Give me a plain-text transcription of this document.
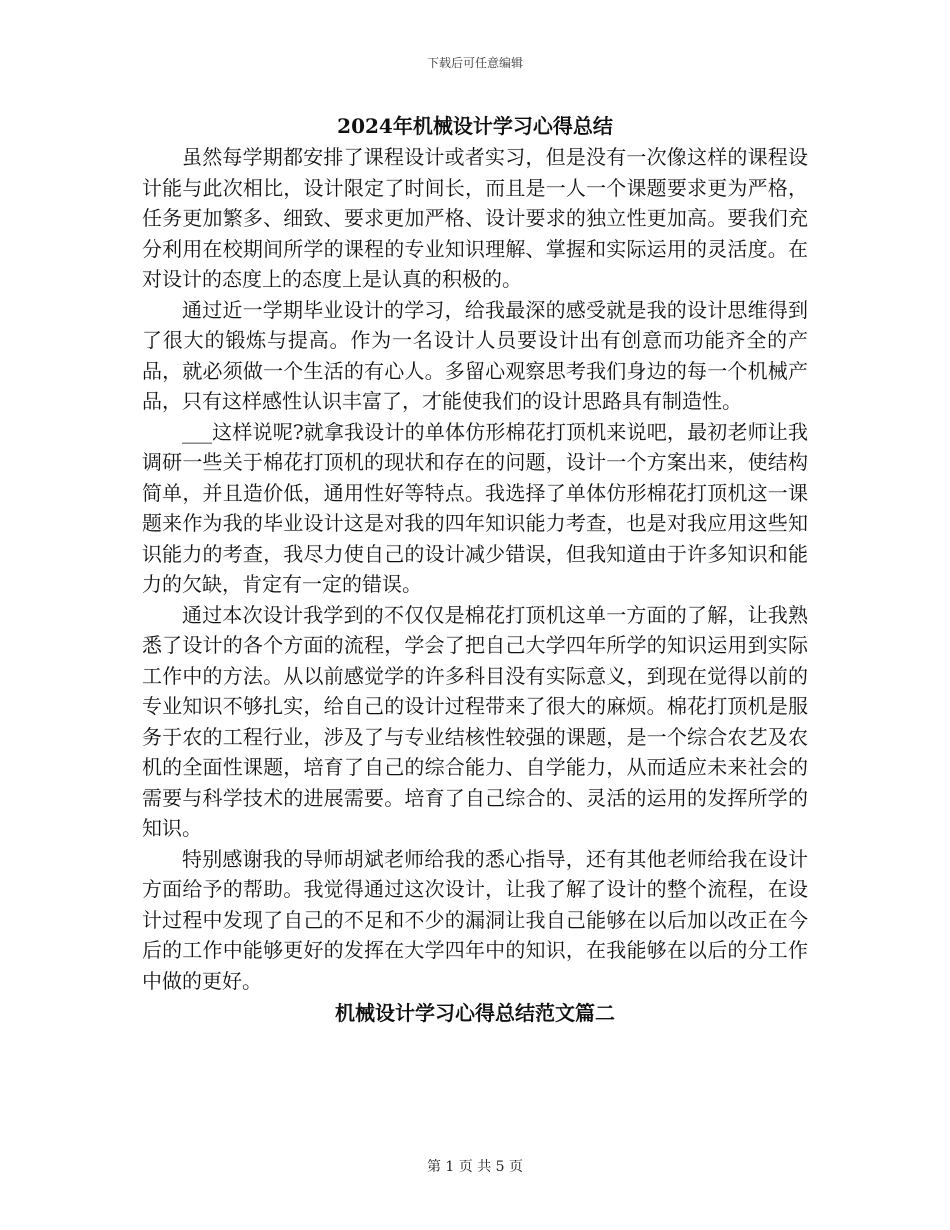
下载后可任意编辑
2024年机械设计学习心得总结

虽然每学期都安排了课程设计或者实习，但是没有一次像这样的课程设计能与此次相比，设计限定了时间长，而且是一人一个课题要求更为严格，任务更加繁多、细致、要求更加严格、设计要求的独立性更加高。要我们充分利用在校期间所学的课程的专业知识理解、掌握和实际运用的灵活度。在对设计的态度上的态度上是认真的积极的。

通过近一学期毕业设计的学习，给我最深的感受就是我的设计思维得到了很大的锻炼与提高。作为一名设计人员要设计出有创意而功能齐全的产品，就必须做一个生活的有心人。多留心观察思考我们身边的每一个机械产品，只有这样感性认识丰富了，才能使我们的设计思路具有制造性。

___这样说呢?就拿我设计的单体仿形棉花打顶机来说吧，最初老师让我调研一些关于棉花打顶机的现状和存在的问题，设计一个方案出来，使结构简单，并且造价低，通用性好等特点。我选择了单体仿形棉花打顶机这一课题来作为我的毕业设计这是对我的四年知识能力考查，也是对我应用这些知识能力的考查，我尽力使自己的设计减少错误，但我知道由于许多知识和能力的欠缺，肯定有一定的错误。

通过本次设计我学到的不仅仅是棉花打顶机这单一方面的了解，让我熟悉了设计的各个方面的流程，学会了把自己大学四年所学的知识运用到实际工作中的方法。从以前感觉学的许多科目没有实际意义，到现在觉得以前的专业知识不够扎实，给自己的设计过程带来了很大的麻烦。棉花打顶机是服务于农的工程行业，涉及了与专业结核性较强的课题，是一个综合农艺及农机的全面性课题，培育了自己的综合能力、自学能力，从而适应未来社会的需要与科学技术的进展需要。培育了自己综合的、灵活的运用的发挥所学的知识。

特别感谢我的导师胡斌老师给我的悉心指导，还有其他老师给我在设计方面给予的帮助。我觉得通过这次设计，让我了解了设计的整个流程，在设计过程中发现了自己的不足和不少的漏洞让我自己能够在以后加以改正在今后的工作中能够更好的发挥在大学四年中的知识，在我能够在以后的分工作中做的更好。

机械设计学习心得总结范文篇二
第 1 页 共 5 页
